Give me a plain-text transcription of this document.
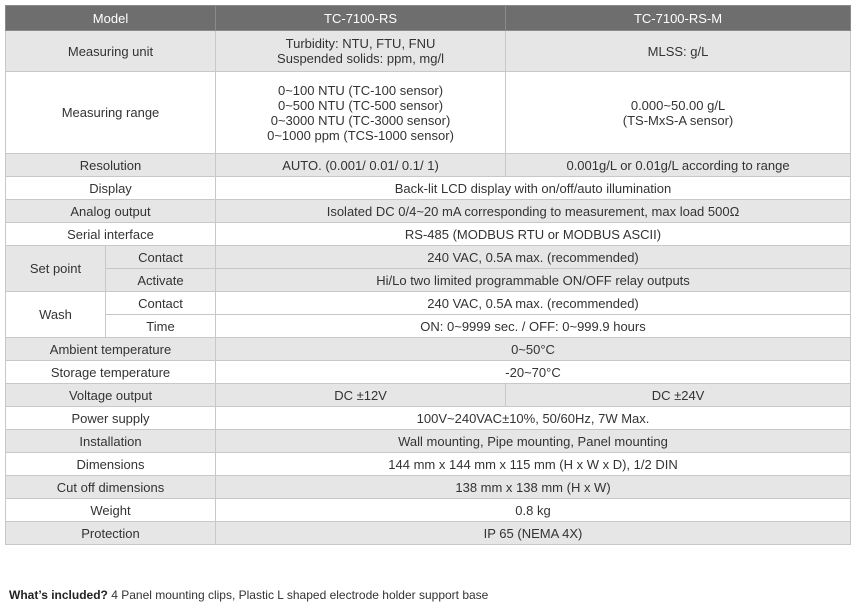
Model		TC-7100-RS	TC-7100-RS-M
Measuring unit		Turbidity: NTU, FTU, FNU
Suspended solids: ppm, mg/l	MLSS: g/L
Measuring range		0~100 NTU (TC-100 sensor)
0~500 NTU (TC-500 sensor)
0~3000 NTU (TC-3000 sensor)
0~1000 ppm (TCS-1000 sensor)	0.000~50.00 g/L
(TS-MxS-A sensor)
Resolution		AUTO. (0.001/ 0.01/ 0.1/ 1)	0.001g/L or 0.01g/L according to range
Display		Back-lit LCD display with on/off/auto illumination	
Analog output		Isolated DC 0/4~20 mA corresponding to measurement, max load 500Ω	
Serial interface		RS-485 (MODBUS RTU or MODBUS ASCII)	
Set point	Contact	240 VAC, 0.5A max. (recommended)	
	Activate	Hi/Lo two limited programmable ON/OFF relay outputs	
Wash	Contact	240 VAC, 0.5A max. (recommended)	
	Time	ON: 0~9999 sec. / OFF: 0~999.9 hours	
Ambient temperature		0~50°C	
Storage temperature		-20~70°C	
Voltage output		DC ±12V	DC ±24V
Power supply		100V~240VAC±10%, 50/60Hz, 7W Max.	
Installation		Wall mounting, Pipe mounting, Panel mounting	
Dimensions		144 mm x 144 mm x 115 mm (H x W x D), 1/2 DIN	
Cut off dimensions		138 mm x 138 mm (H x W)	
Weight		0.8 kg	
Protection		IP 65 (NEMA 4X)	
What’s included? 4 Panel mounting clips, Plastic L shaped electrode holder support base
